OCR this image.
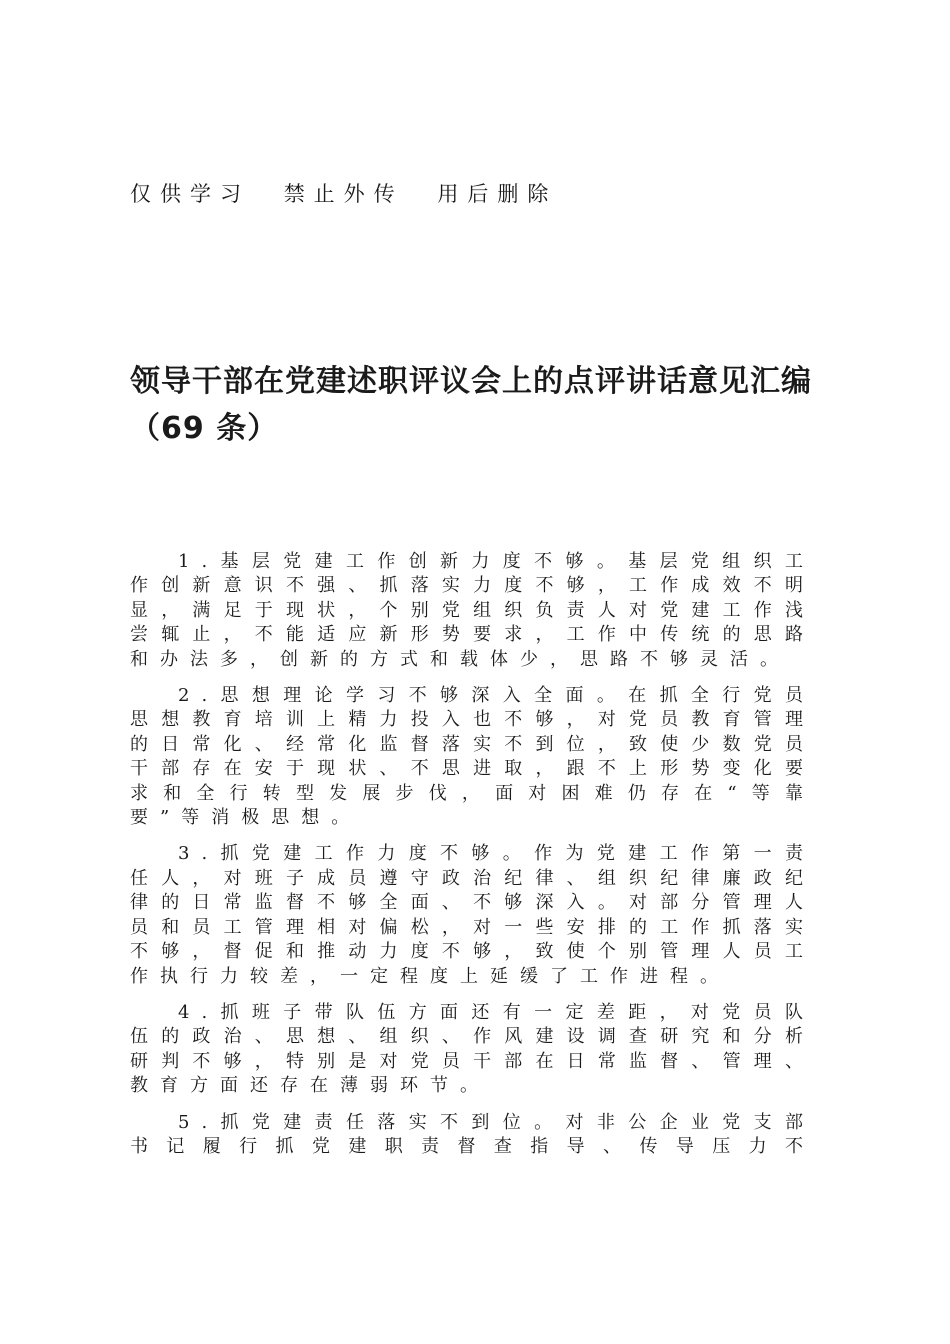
仅供学习 禁止外传 用后删除
领导干部在党建述职评议会上的点评讲话意见汇编（69 条）

1.基层党建工作创新力度不够。基层党组织工作创新意识不强、抓落实力度不够，工作成效不明显，满足于现状，个别党组织负责人对党建工作浅尝辄止，不能适应新形势要求，工作中传统的思路和办法多，创新的方式和载体少，思路不够灵活。

2.思想理论学习不够深入全面。在抓全行党员思想教育培训上精力投入也不够，对党员教育管理的日常化、经常化监督落实不到位，致使少数党员干部存在安于现状、不思进取，跟不上形势变化要求和全行转型发展步伐，面对困难仍存在“等靠要”等消极思想。

3.抓党建工作力度不够。作为党建工作第一责任人，对班子成员遵守政治纪律、组织纪律廉政纪律的日常监督不够全面、不够深入。对部分管理人员和员工管理相对偏松，对一些安排的工作抓落实不够，督促和推动力度不够，致使个别管理人员工作执行力较差，一定程度上延缓了工作进程。

4.抓班子带队伍方面还有一定差距，对党员队伍的政治、思想、组织、作风建设调查研究和分析研判不够，特别是对党员干部在日常监督、管理、教育方面还存在薄弱环节。

5.抓党建责任落实不到位。对非公企业党支部书记履行抓党建职责督查指导、传导压力不
